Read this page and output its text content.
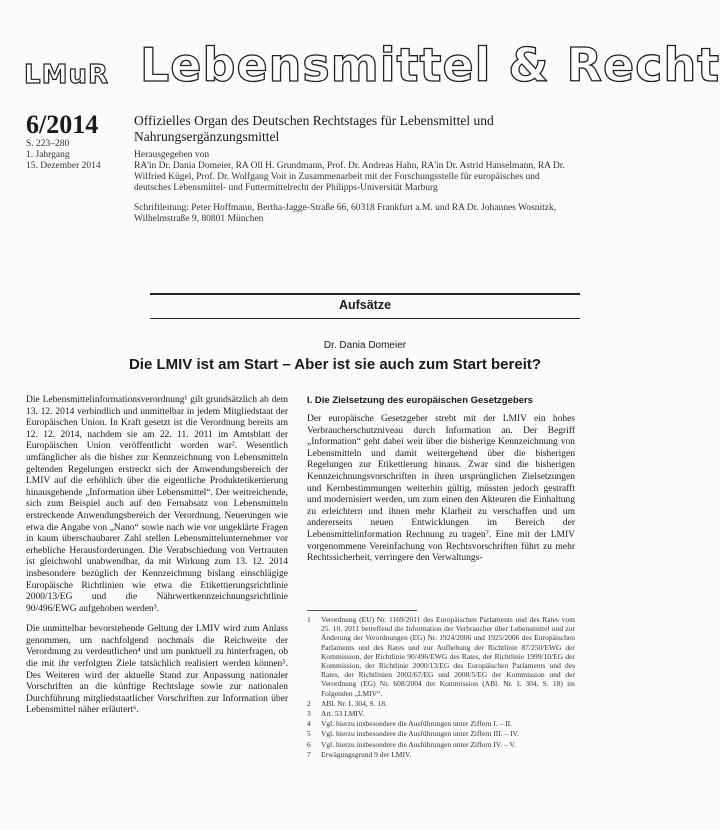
LMuR Lebensmittel & Recht
6/2014
S. 223–280
1. Jahrgang
15. Dezember 2014
Offizielles Organ des Deutschen Rechtstages für Lebensmittel und Nahrungsergänzungsmittel
Herausgegeben von
RA'in Dr. Dania Domeier, RA Oll H. Grundmann, Prof. Dr. Andreas Hahn, RA'in Dr. Astrid Hanselmann, RA Dr. Wilfried Kügel, Prof. Dr. Wolfgang Voit in Zusammenarbeit mit der Forschungsstelle für europäisches und deutsches Lebensmittel- und Futtermittelrecht der Philipps-Universität Marburg
Schriftleitung: Peter Hoffmann, Bertha-Jagge-Straße 66, 60318 Frankfurt a.M. und RA Dr. Johannes Wosnitzk, Wilhelmstraße 9, 80801 München
Aufsätze
Dr. Dania Domeier
Die LMIV ist am Start – Aber ist sie auch zum Start bereit?

Die Lebensmittelinformationsverordnung¹ gilt grundsätzlich ab dem 13. 12. 2014 verbindlich und unmittelbar in jedem Mitgliedstaat der Europäischen Union. In Kraft gesetzt ist die Verordnung bereits am 12. 12. 2014, nachdem sie am 22. 11. 2011 im Amtsblatt der Europäischen Union veröffentlicht worden war². Wesentlich umfänglicher als die bisher zur Kennzeichnung von Lebensmitteln geltenden Regelungen erstreckt sich der Anwendungsbereich der LMIV auf die erhöhlich über die eigentliche Produktetikettierung hinausgehende „Information über Lebensmittel“. Der weitreichende, sich zum Beispiel auch auf den Fernabsatz von Lebensmitteln erstreckende Anwendungsbereich der Verordnung, Neuerungen wie etwa die Angabe von „Nano“ sowie nach wie vor ungeklärte Fragen in kaum überschaubarer Zahl stellen Lebensmittelunternehmer vor erhebliche Herausforderungen. Die Verabschiedung von Vertrauten ist gleichwohl unabwendbar, da mit Wirkung zum 13. 12. 2014 insbesondere bezüglich der Kennzeichnung bislang einschlägige Europäische Richtlinien wie etwa die Etikettierungsrichtlinie 2000/13/EG und die Nährwertkennzeichnungsrichtlinie 90/496/EWG aufgehoben werden³.

Die unmittelbar bevorstehende Geltung der LMIV wird zum Anlass genommen, um nachfolgend nochmals die Reichweite der Verordnung zu verdeutlichen⁴ und um punktuell zu hinterfragen, ob die mit ihr verfolgten Ziele tatsächlich realisiert werden können⁵. Des Weiteren wird der aktuelle Stand zur Anpassung nationaler Vorschriften an die künftige Rechtslage sowie zur nationalen Durchführung mitgliedstaatlicher Vorschriften zur Information über Lebensmittel näher erläutert⁶.

I. Die Zielsetzung des europäischen Gesetzgebers

Der europäische Gesetzgeber strebt mit der LMIV ein hohes Verbraucherschutzniveau durch Information an. Der Begriff „Information“ geht dabei weit über die bisherige Kennzeichnung von Lebensmitteln und damit weitergehend über die bisherigen Regelungen zur Etikettierung hinaus. Zwar sind die bisherigen Kennzeichnungsvorschriften in ihren ursprünglichen Zielsetzungen und Kernbestimmungen weiterhin gültig, müssten jedoch gestrafft und modernisiert werden, um zum einen den Akteuren die Einhaltung zu erleichtern und ihnen mehr Klarheit zu verschaffen und um andererseits neuen Entwicklungen im Bereich der Lebensmittelinformation Rechnung zu tragen⁷. Eine mit der LMIV vorgenommene Vereinfachung von Rechtsvorschriften führt zu mehr Rechtssicherheit, verringere den Verwaltungs-

1	Verordnung (EU) Nr. 1169/2011 des Europäischen Parlaments und des Rates vom 25. 10. 2011 betreffend die Information der Verbraucher über Lebensmittel und zur Änderung der Verordnungen (EG) Nr. 1924/2006 und 1925/2006 des Europäischen Parlaments und des Rates und zur Aufhebung der Richtlinie 87/250/EWG der Kommission, der Richtlinie 90/496/EWG des Rates, der Richtlinie 1999/10/EG der Kommission, der Richtlinie 2000/13/EG des Europäischen Parlaments und des Rates, der Richtlinien 2002/67/EG und 2008/5/EG der Kommission und der Verordnung (EG) Nr. 608/2004 der Kommission (ABl. Nr. L 304, S. 18) im Folgenden „LMIV“.
2	ABl. Nr. L 304, S. 18.
3	Art. 53 LMIV.
4	Vgl. hierzu insbesondere die Ausführungen unter Ziffern I. – II.
5	Vgl. hierzu insbesondere die Ausführungen unter Ziffern III. – IV.
6	Vgl. hierzu insbesondere die Ausführungen unter Ziffern IV. – V.
7	Erwägungsgrund 9 der LMIV.
